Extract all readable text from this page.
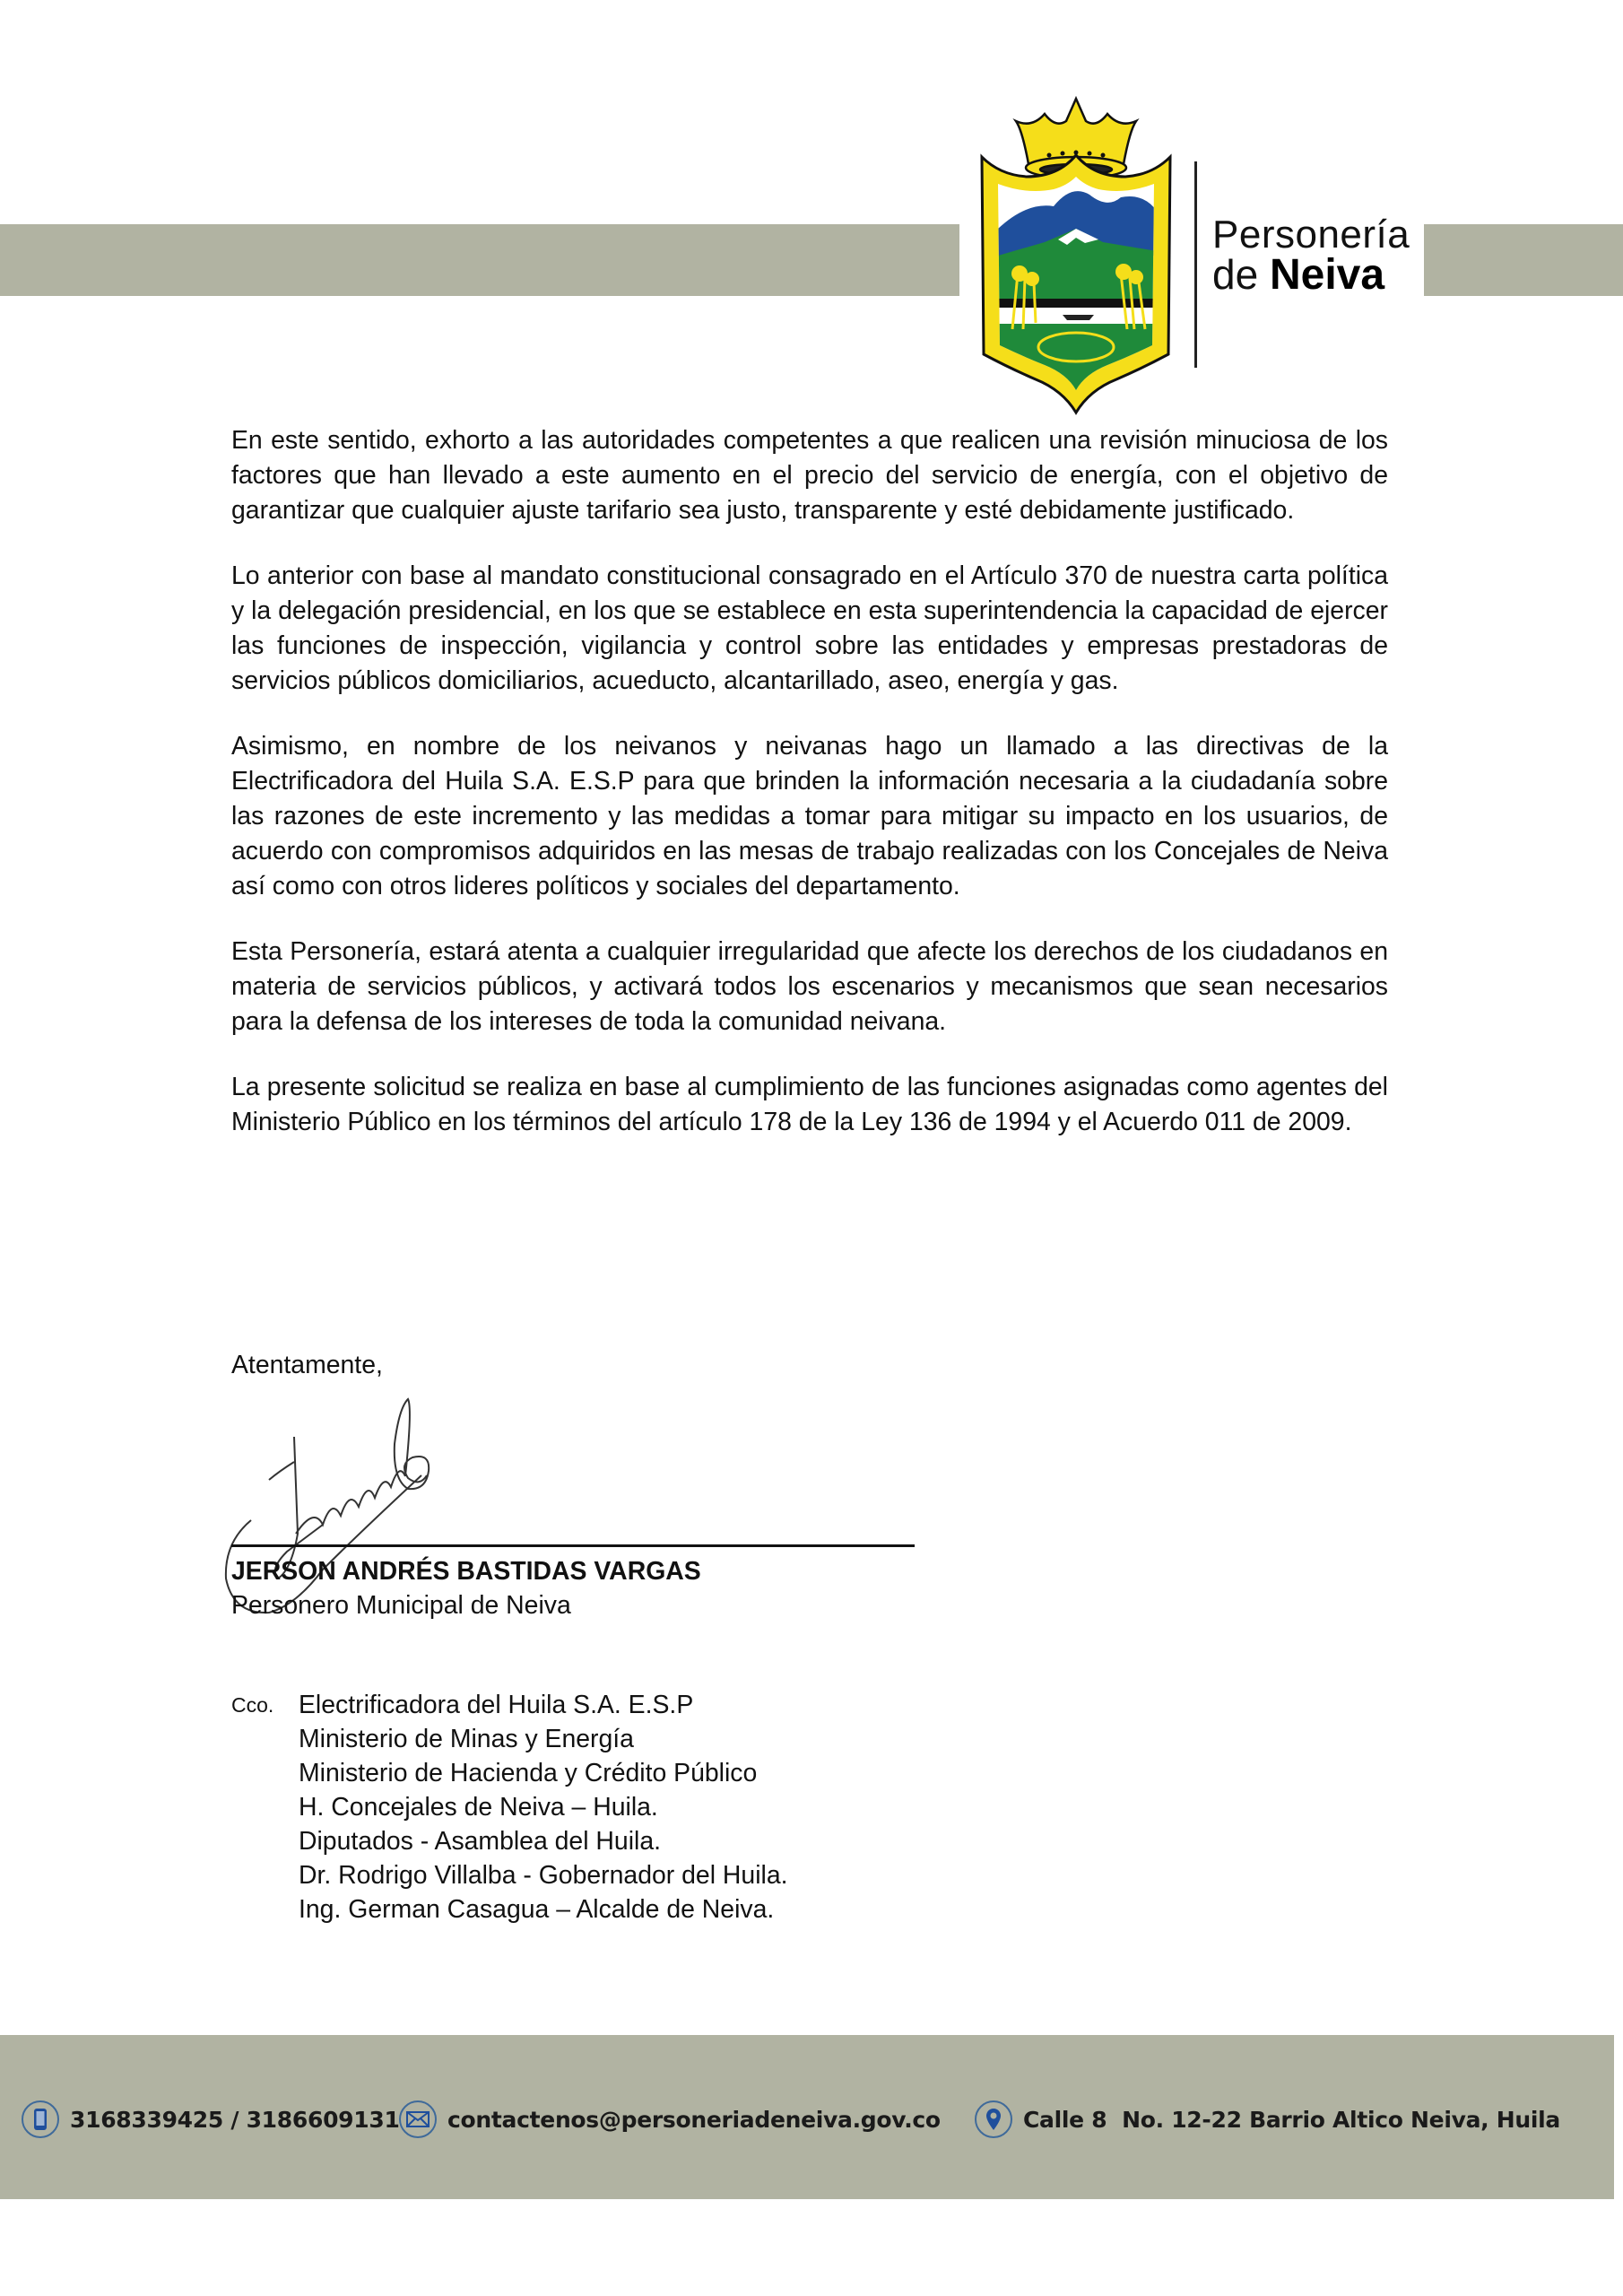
Personería
de Neiva

En este sentido, exhorto a las autoridades competentes a que realicen una revisión minuciosa de los factores que han llevado a este aumento en el precio del servicio de energía, con el objetivo de garantizar que cualquier ajuste tarifario sea justo, transparente y esté debidamente justificado.

Lo anterior con base al mandato constitucional consagrado en el Artículo 370 de nuestra carta política y la delegación presidencial, en los que se establece en esta superintendencia la capacidad de ejercer las funciones de inspección, vigilancia y control sobre las entidades y empresas prestadoras de servicios públicos domiciliarios, acueducto, alcantarillado, aseo, energía y gas.

Asimismo, en nombre de los neivanos y neivanas hago un llamado a las directivas de la Electrificadora del Huila S.A. E.S.P para que brinden la información necesaria a la ciudadanía sobre las razones de este incremento y las medidas a tomar para mitigar su impacto en los usuarios, de acuerdo con compromisos adquiridos en las mesas de trabajo realizadas con los Concejales de Neiva así como con otros lideres políticos y sociales del departamento.

Esta Personería, estará atenta a cualquier irregularidad que afecte los derechos de los ciudadanos en materia de servicios públicos, y activará todos los escenarios y mecanismos que sean necesarios para la defensa de los intereses de toda la comunidad neivana.

La presente solicitud se realiza en base al cumplimiento de las funciones asignadas como agentes del Ministerio Público en los términos del artículo 178 de la Ley 136 de 1994 y el Acuerdo 011 de 2009.

Atentamente,
JERSON ANDRÉS BASTIDAS VARGAS
Personero Municipal de Neiva
Cco. Electrificadora del Huila S.A. E.S.P
Ministerio de Minas y Energía
Ministerio de Hacienda y Crédito Público
H. Concejales de Neiva – Huila.
Diputados - Asamblea del Huila.
Dr. Rodrigo Villalba - Gobernador del Huila.
Ing. German Casagua – Alcalde de Neiva.
3168339425 / 3186609131 contactenos@personeriadeneiva.gov.co	Calle 8  No. 12-22 Barrio Altico Neiva, Huila
